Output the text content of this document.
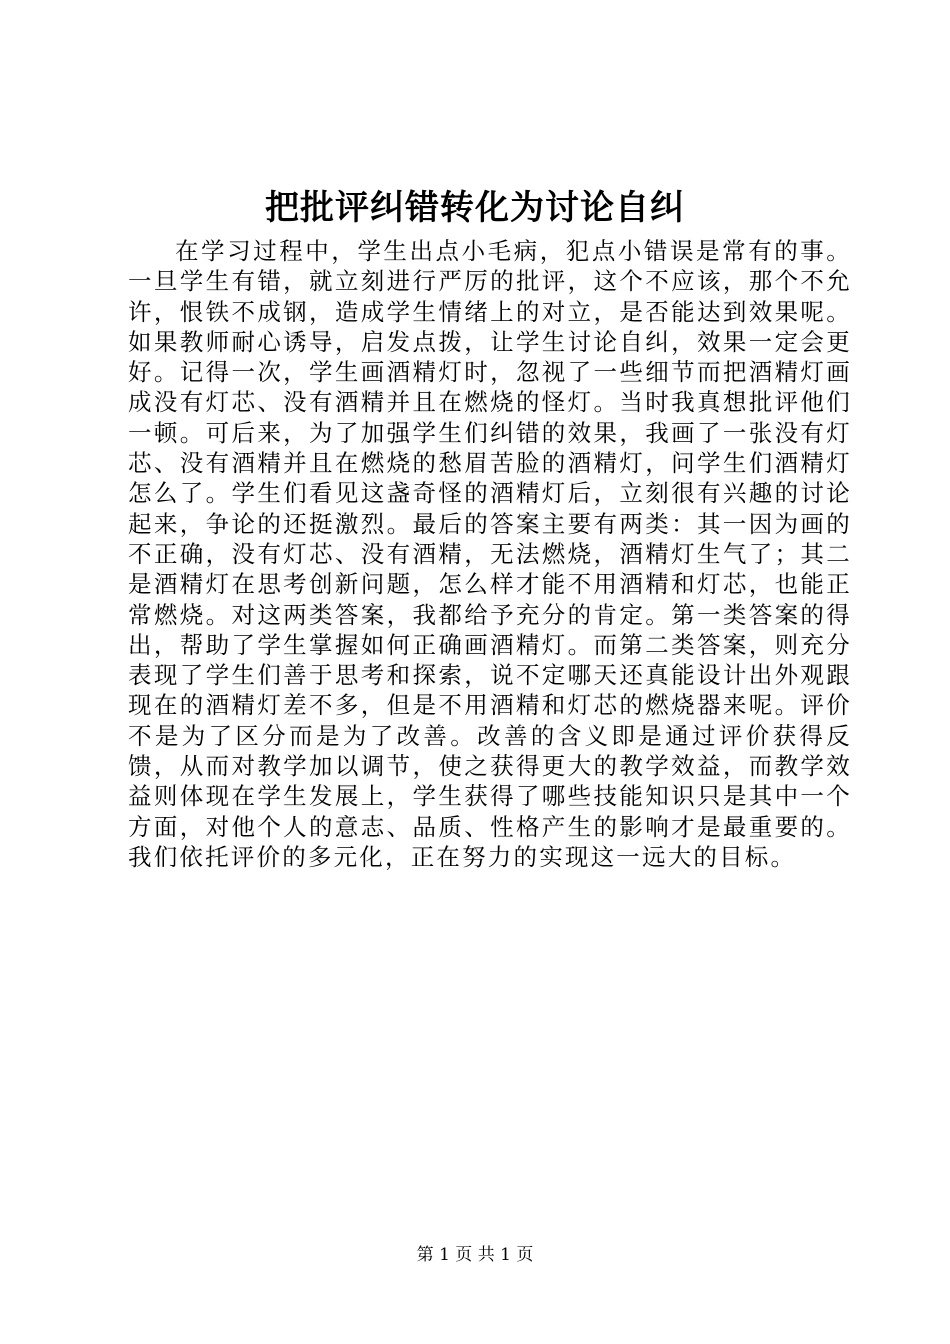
把批评纠错转化为讨论自纠

在学习过程中，学生出点小毛病，犯点小错误是常有的事。一旦学生有错，就立刻进行严厉的批评，这个不应该，那个不允许，恨铁不成钢，造成学生情绪上的对立，是否能达到效果呢。如果教师耐心诱导，启发点拨，让学生讨论自纠，效果一定会更好。记得一次，学生画酒精灯时，忽视了一些细节而把酒精灯画成没有灯芯、没有酒精并且在燃烧的怪灯。当时我真想批评他们一顿。可后来，为了加强学生们纠错的效果，我画了一张没有灯芯、没有酒精并且在燃烧的愁眉苦脸的酒精灯，问学生们酒精灯怎么了。学生们看见这盏奇怪的酒精灯后，立刻很有兴趣的讨论起来，争论的还挺激烈。最后的答案主要有两类：其一因为画的不正确，没有灯芯、没有酒精，无法燃烧，酒精灯生气了；其二是酒精灯在思考创新问题，怎么样才能不用酒精和灯芯，也能正常燃烧。对这两类答案，我都给予充分的肯定。第一类答案的得出，帮助了学生掌握如何正确画酒精灯。而第二类答案，则充分表现了学生们善于思考和探索，说不定哪天还真能设计出外观跟现在的酒精灯差不多，但是不用酒精和灯芯的燃烧器来呢。评价不是为了区分而是为了改善。改善的含义即是通过评价获得反馈，从而对教学加以调节，使之获得更大的教学效益，而教学效益则体现在学生发展上，学生获得了哪些技能知识只是其中一个方面，对他个人的意志、品质、性格产生的影响才是最重要的。我们依托评价的多元化，正在努力的实现这一远大的目标。

第 1 页 共 1 页
